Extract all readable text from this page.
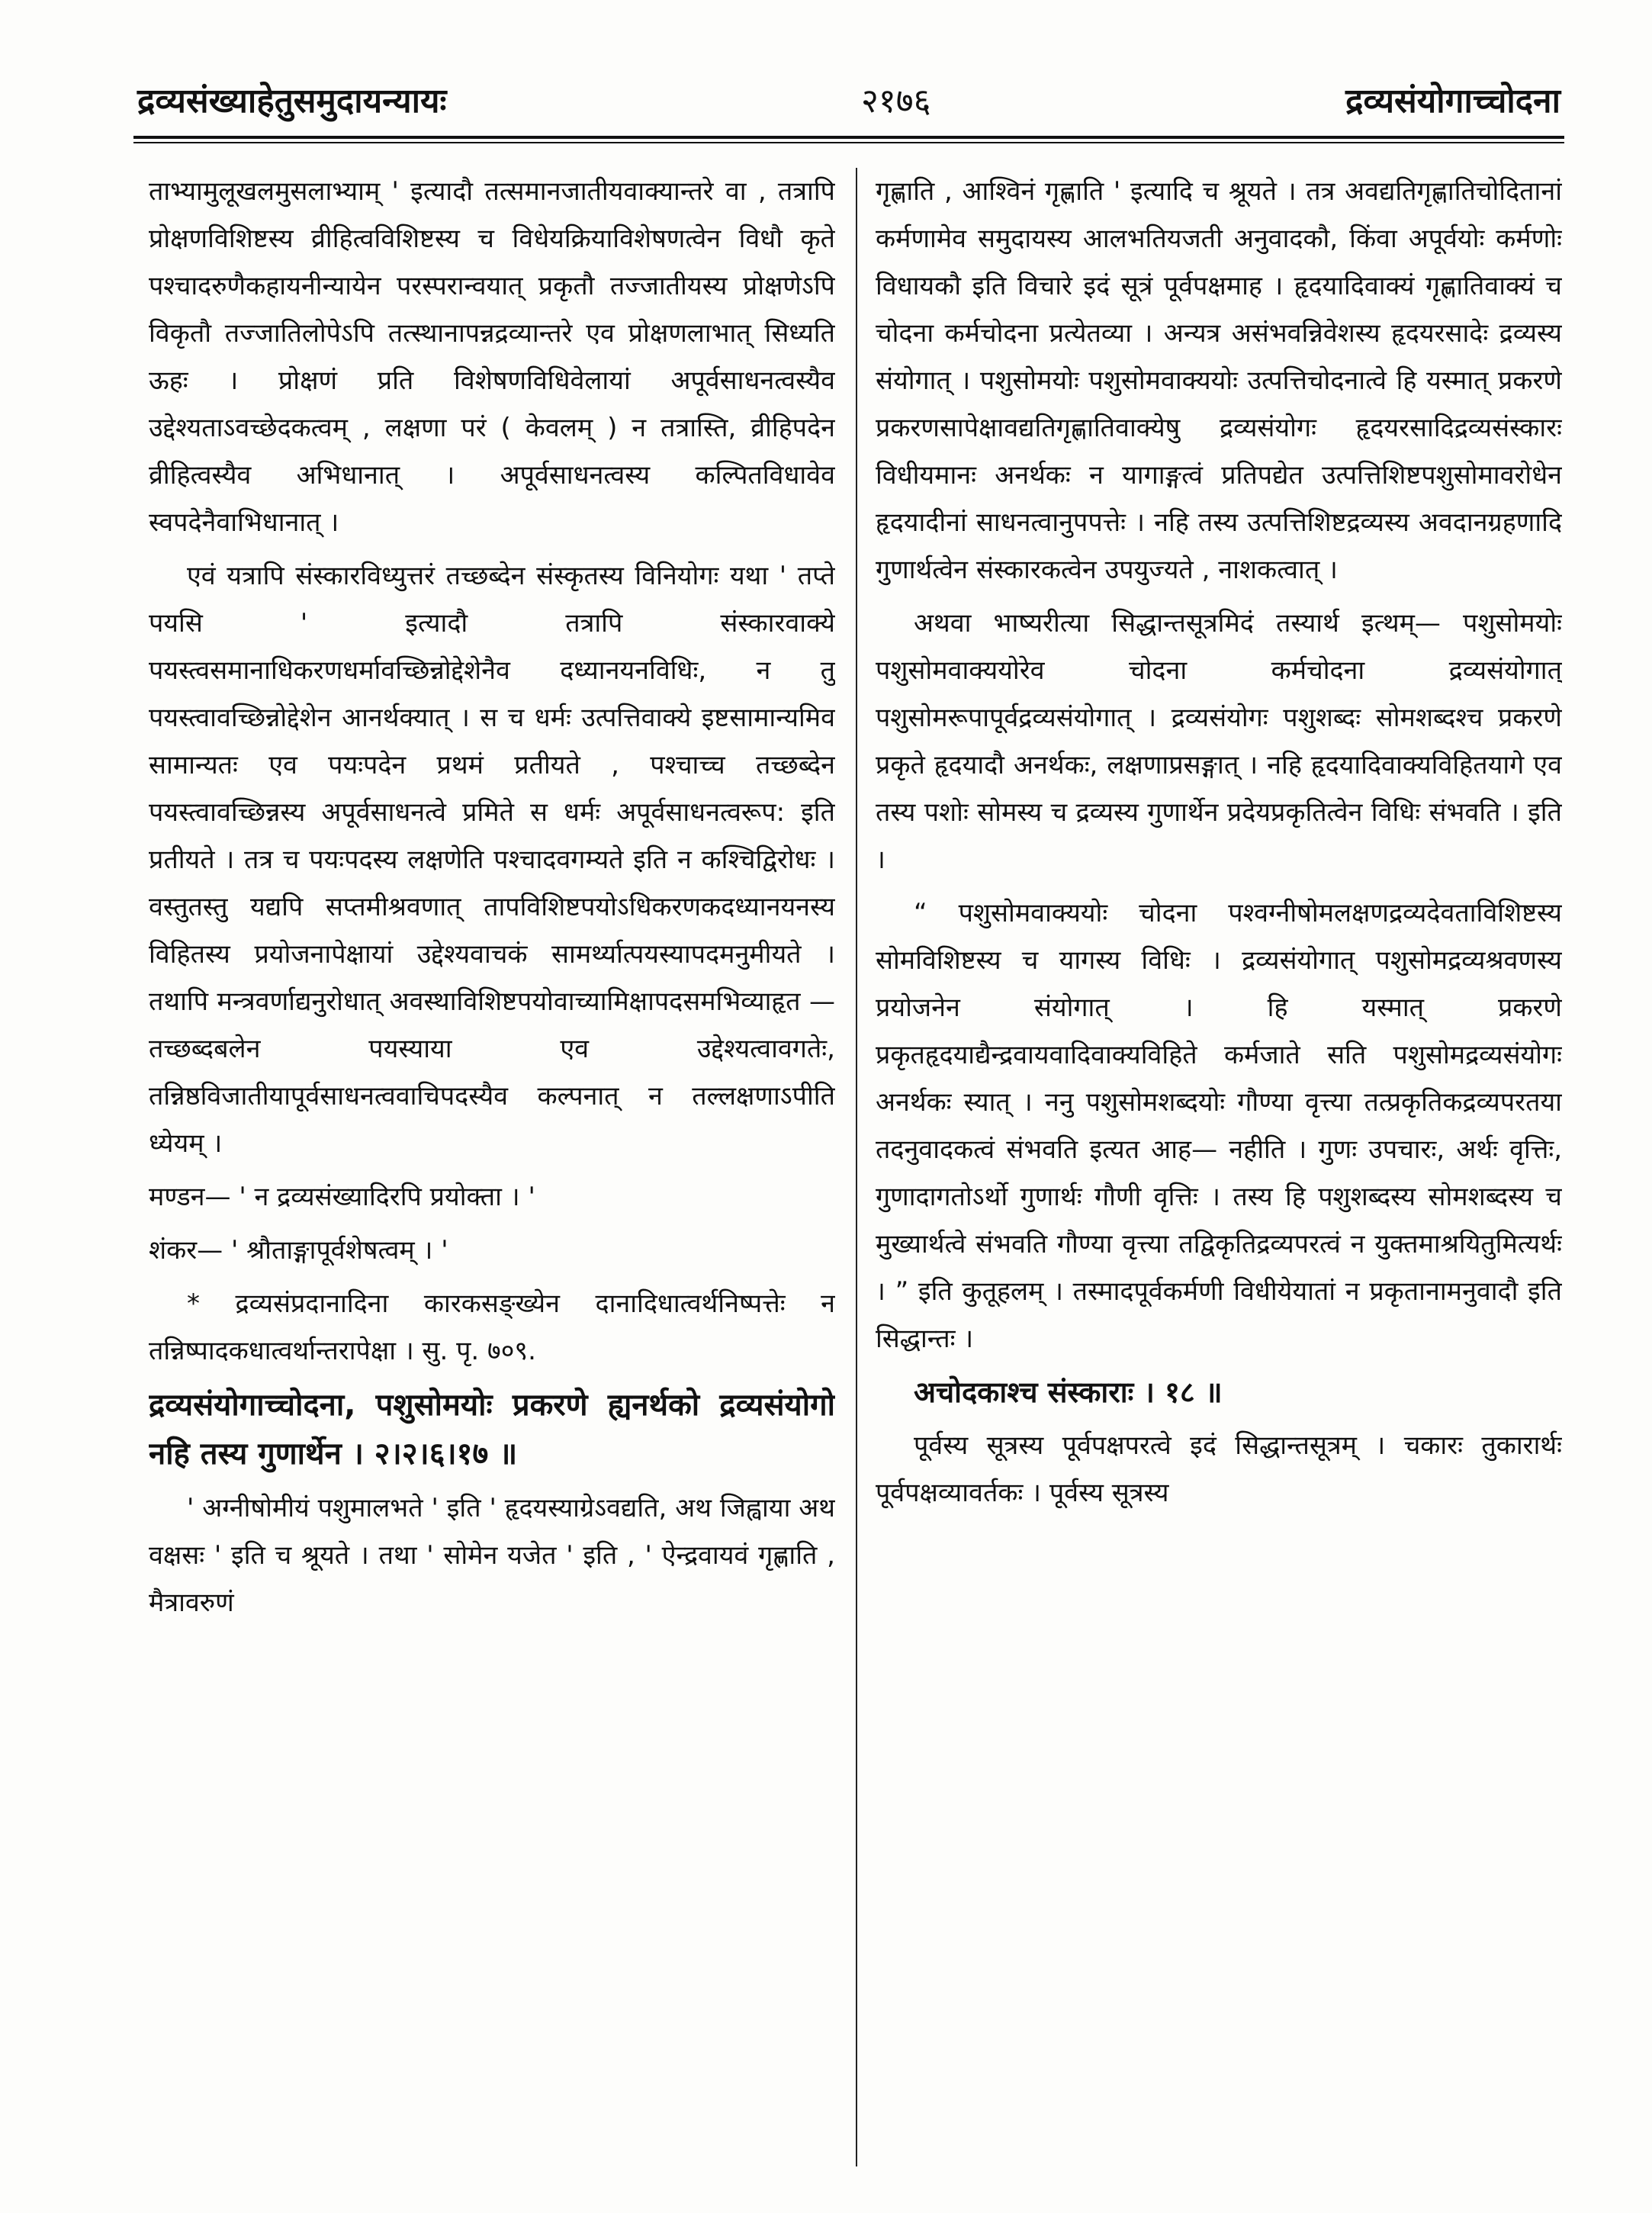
द्रव्यसंख्याहेतुसमुदायन्यायः	२१७६	द्रव्यसंयोगाच्चोदना

ताभ्यामुलूखलमुसलाभ्याम् ' इत्यादौ तत्समानजातीयवाक्यान्तरे वा , तत्रापि प्रोक्षणविशिष्टस्य व्रीहित्वविशिष्टस्य च विधेयक्रियाविशेषणत्वेन विधौ कृते पश्चादरुणैकहायनीन्यायेन परस्परान्वयात् प्रकृतौ तज्जातीयस्य प्रोक्षणेऽपि विकृतौ तज्जातिलोपेऽपि तत्स्थानापन्नद्रव्यान्तरे एव प्रोक्षणलाभात् सिध्यति ऊहः । प्रोक्षणं प्रति विशेषणविधिवेलायां अपूर्वसाधनत्वस्यैव उद्देश्यताऽवच्छेदकत्वम् , लक्षणा परं ( केवलम् ) न तत्रास्ति, व्रीहिपदेन व्रीहित्वस्यैव अभिधानात् । अपूर्वसाधनत्वस्य कल्पितविधावेव स्वपदेनैवाभिधानात् ।

एवं यत्रापि संस्कारविध्युत्तरं तच्छब्देन संस्कृतस्य विनियोगः यथा ' तप्ते पयसि ' इत्यादौ तत्रापि संस्कारवाक्ये पयस्त्वसमानाधिकरणधर्मावच्छिन्नोद्देशेनैव दध्यानयनविधिः, न तु पयस्त्वावच्छिन्नोद्देशेन आनर्थक्यात् । स च धर्मः उत्पत्तिवाक्ये इष्टसामान्यमिव सामान्यतः एव पयःपदेन प्रथमं प्रतीयते , पश्चाच्च तच्छब्देन पयस्त्वावच्छिन्नस्य अपूर्वसाधनत्वे प्रमिते स धर्मः अपूर्वसाधनत्वरूप: इति प्रतीयते । तत्र च पयःपदस्य लक्षणेति पश्चादवगम्यते इति न कश्चिद्विरोधः । वस्तुतस्तु यद्यपि सप्तमीश्रवणात् तापविशिष्टपयोऽधिकरणकदध्यानयनस्य विहितस्य प्रयोजनापेक्षायां उद्देश्यवाचकं सामर्थ्यात्पयस्यापदमनुमीयते । तथापि मन्त्रवर्णाद्यनुरोधात् अवस्थाविशिष्टपयोवाच्यामिक्षापदसमभिव्याहृत — तच्छब्दबलेन पयस्याया एव उद्देश्यत्वावगतेः, तन्निष्ठविजातीयापूर्वसाधनत्ववाचिपदस्यैव कल्पनात् न तल्लक्षणाऽपीति ध्येयम् ।

मण्डन— ' न द्रव्यसंख्यादिरपि प्रयोक्ता । '

शंकर— ' श्रौताङ्गापूर्वशेषत्वम् । '

* द्रव्यसंप्रदानादिना कारकसङ्ख्येन दानादिधात्वर्थनिष्पत्तेः न तन्निष्पादकधात्वर्थान्तरापेक्षा । सु. पृ. ७०९.

द्रव्यसंयोगाच्चोदना, पशुसोमयोः प्रकरणे ह्यनर्थको द्रव्यसंयोगो नहि तस्य गुणार्थेन । २।२।६।१७ ॥

' अग्नीषोमीयं पशुमालभते ' इति ' हृदयस्याग्रेऽवद्यति, अथ जिह्वाया अथ वक्षसः ' इति च श्रूयते । तथा ' सोमेन यजेत ' इति , ' ऐन्द्रवायवं गृह्णाति , मैत्रावरुणं

गृह्णाति , आश्विनं गृह्णाति ' इत्यादि च श्रूयते । तत्र अवद्यतिगृह्णातिचोदितानां कर्मणामेव समुदायस्य आलभतियजती अनुवादकौ, किंवा अपूर्वयोः कर्मणोः विधायकौ इति विचारे इदं सूत्रं पूर्वपक्षमाह । हृदयादिवाक्यं गृह्णातिवाक्यं च चोदना कर्मचोदना प्रत्येतव्या । अन्यत्र असंभवन्निवेशस्य हृदयरसादेः द्रव्यस्य संयोगात् । पशुसोमयोः पशुसोमवाक्ययोः उत्पत्तिचोदनात्वे हि यस्मात् प्रकरणे प्रकरणसापेक्षावद्यतिगृह्णातिवाक्येषु द्रव्यसंयोगः हृदयरसादिद्रव्यसंस्कारः विधीयमानः अनर्थकः न यागाङ्गत्वं प्रतिपद्येत उत्पत्तिशिष्टपशुसोमावरोधेन हृदयादीनां साधनत्वानुपपत्तेः । नहि तस्य उत्पत्तिशिष्टद्रव्यस्य अवदानग्रहणादि गुणार्थत्वेन संस्कारकत्वेन उपयुज्यते , नाशकत्वात् ।

अथवा भाष्यरीत्या सिद्धान्तसूत्रमिदं तस्यार्थ इत्थम्— पशुसोमयोः पशुसोमवाक्ययोरेव चोदना कर्मचोदना द्रव्यसंयोगात् पशुसोमरूपापूर्वद्रव्यसंयोगात् । द्रव्यसंयोगः पशुशब्दः सोमशब्दश्च प्रकरणे प्रकृते हृदयादौ अनर्थकः, लक्षणाप्रसङ्गात् । नहि हृदयादिवाक्यविहितयागे एव तस्य पशोः सोमस्य च द्रव्यस्य गुणार्थेन प्रदेयप्रकृतित्वेन विधिः संभवति । इति ।

“ पशुसोमवाक्ययोः चोदना पश्वग्नीषोमलक्षणद्रव्यदेवताविशिष्टस्य सोमविशिष्टस्य च यागस्य विधिः । द्रव्यसंयोगात् पशुसोमद्रव्यश्रवणस्य प्रयोजनेन संयोगात् । हि यस्मात् प्रकरणे प्रकृतहृदयाद्यैन्द्रवायवादिवाक्यविहिते कर्मजाते सति पशुसोमद्रव्यसंयोगः अनर्थकः स्यात् । ननु पशुसोमशब्दयोः गौण्या वृत्त्या तत्प्रकृतिकद्रव्यपरतया तदनुवादकत्वं संभवति इत्यत आह— नहीति । गुणः उपचारः, अर्थः वृत्तिः, गुणादागतोऽर्थो गुणार्थः गौणी वृत्तिः । तस्य हि पशुशब्दस्य सोमशब्दस्य च मुख्यार्थत्वे संभवति गौण्या वृत्त्या तद्विकृतिद्रव्यपरत्वं न युक्तमाश्रयितुमित्यर्थः । ” इति कुतूहलम् । तस्मादपूर्वकर्मणी विधीयेयातां न प्रकृतानामनुवादौ इति सिद्धान्तः ।

अचोदकाश्च संस्काराः । १८ ॥

पूर्वस्य सूत्रस्य पूर्वपक्षपरत्वे इदं सिद्धान्तसूत्रम् । चकारः तुकारार्थः पूर्वपक्षव्यावर्तकः । पूर्वस्य सूत्रस्य
